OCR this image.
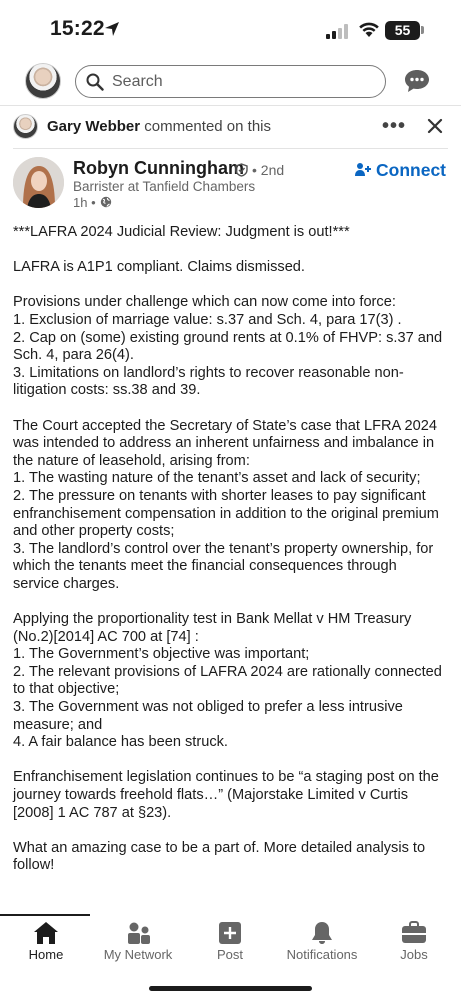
15:22	55
Search
Gary Webber commented on this	•••
Robyn Cunningham • 2nd
Barrister at Tanfield Chambers
1h •
Connect
***LAFRA 2024 Judicial Review: Judgment is out!***

LAFRA is A1P1 compliant. Claims dismissed.

Provisions under challenge which can now come into force:
1. Exclusion of marriage value: s.37 and Sch. 4, para 17(3) .
2. Cap on (some) existing ground rents at 0.1% of FHVP: s.37 and Sch. 4, para 26(4).
3. Limitations on landlord’s rights to recover reasonable non-litigation costs: ss.38 and 39.

The Court accepted the Secretary of State’s case that LFRA 2024 was intended to address an inherent unfairness and imbalance in the nature of leasehold, arising from:
1. The wasting nature of the tenant’s asset and lack of security;
2. The pressure on tenants with shorter leases to pay significant enfranchisement compensation in addition to the original premium and other property costs;
3. The landlord’s control over the tenant’s property ownership, for which the tenants meet the financial consequences through service charges.

Applying the proportionality test in Bank Mellat v HM Treasury (No.2)[2014] AC 700 at [74] :
1. The Government’s objective was important;
2. The relevant provisions of LAFRA 2024 are rationally connected to that objective;
3. The Government was not obliged to prefer a less intrusive measure; and
4. A fair balance has been struck.

Enfranchisement legislation continues to be “a staging post on the journey towards freehold flats…” (Majorstake Limited v Curtis [2008] 1 AC 787 at §23).

What an amazing case to be a part of. More detailed analysis to follow!
Home	My Network	Post	Notifications	Jobs
